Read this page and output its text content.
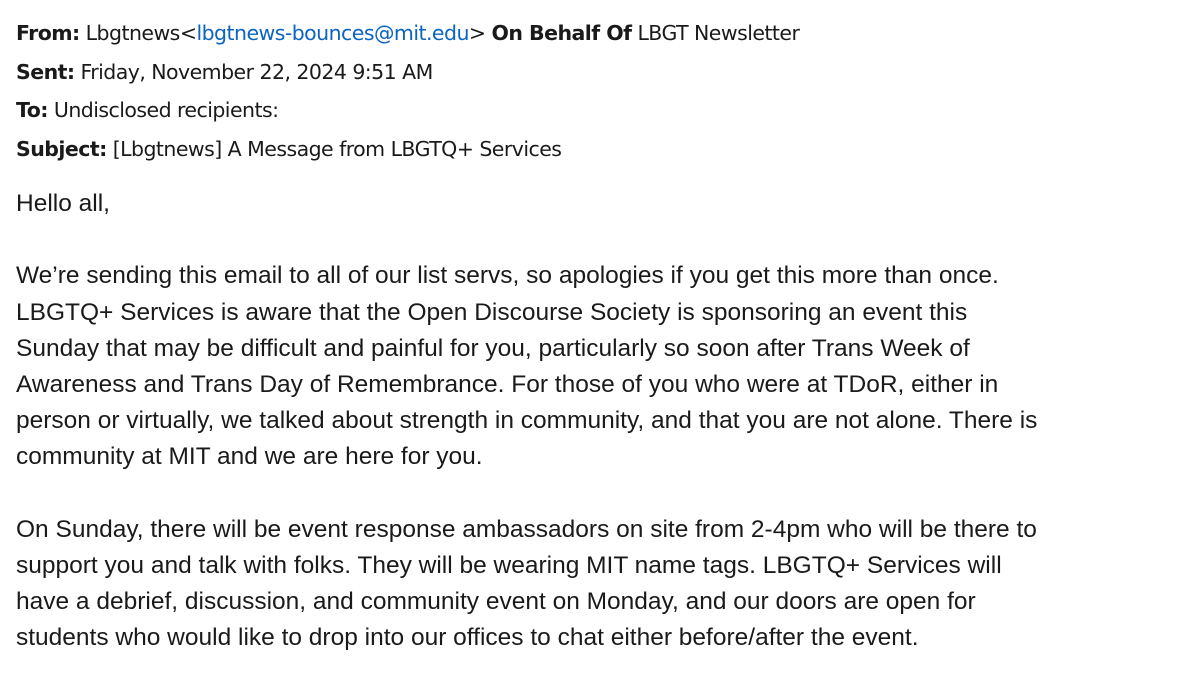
From: Lbgtnews<lbgtnews-bounces@mit.edu> On Behalf Of LBGT Newsletter
Sent: Friday, November 22, 2024 9:51 AM
To: Undisclosed recipients:
Subject: [Lbgtnews] A Message from LBGTQ+ Services

Hello all,

We’re sending this email to all of our list servs, so apologies if you get this more than once.
LBGTQ+ Services is aware that the Open Discourse Society is sponsoring an event this
Sunday that may be difficult and painful for you, particularly so soon after Trans Week of
Awareness and Trans Day of Remembrance. For those of you who were at TDoR, either in
person or virtually, we talked about strength in community, and that you are not alone. There is
community at MIT and we are here for you.

On Sunday, there will be event response ambassadors on site from 2-4pm who will be there to
support you and talk with folks. They will be wearing MIT name tags. LBGTQ+ Services will
have a debrief, discussion, and community event on Monday, and our doors are open for
students who would like to drop into our offices to chat either before/after the event.
